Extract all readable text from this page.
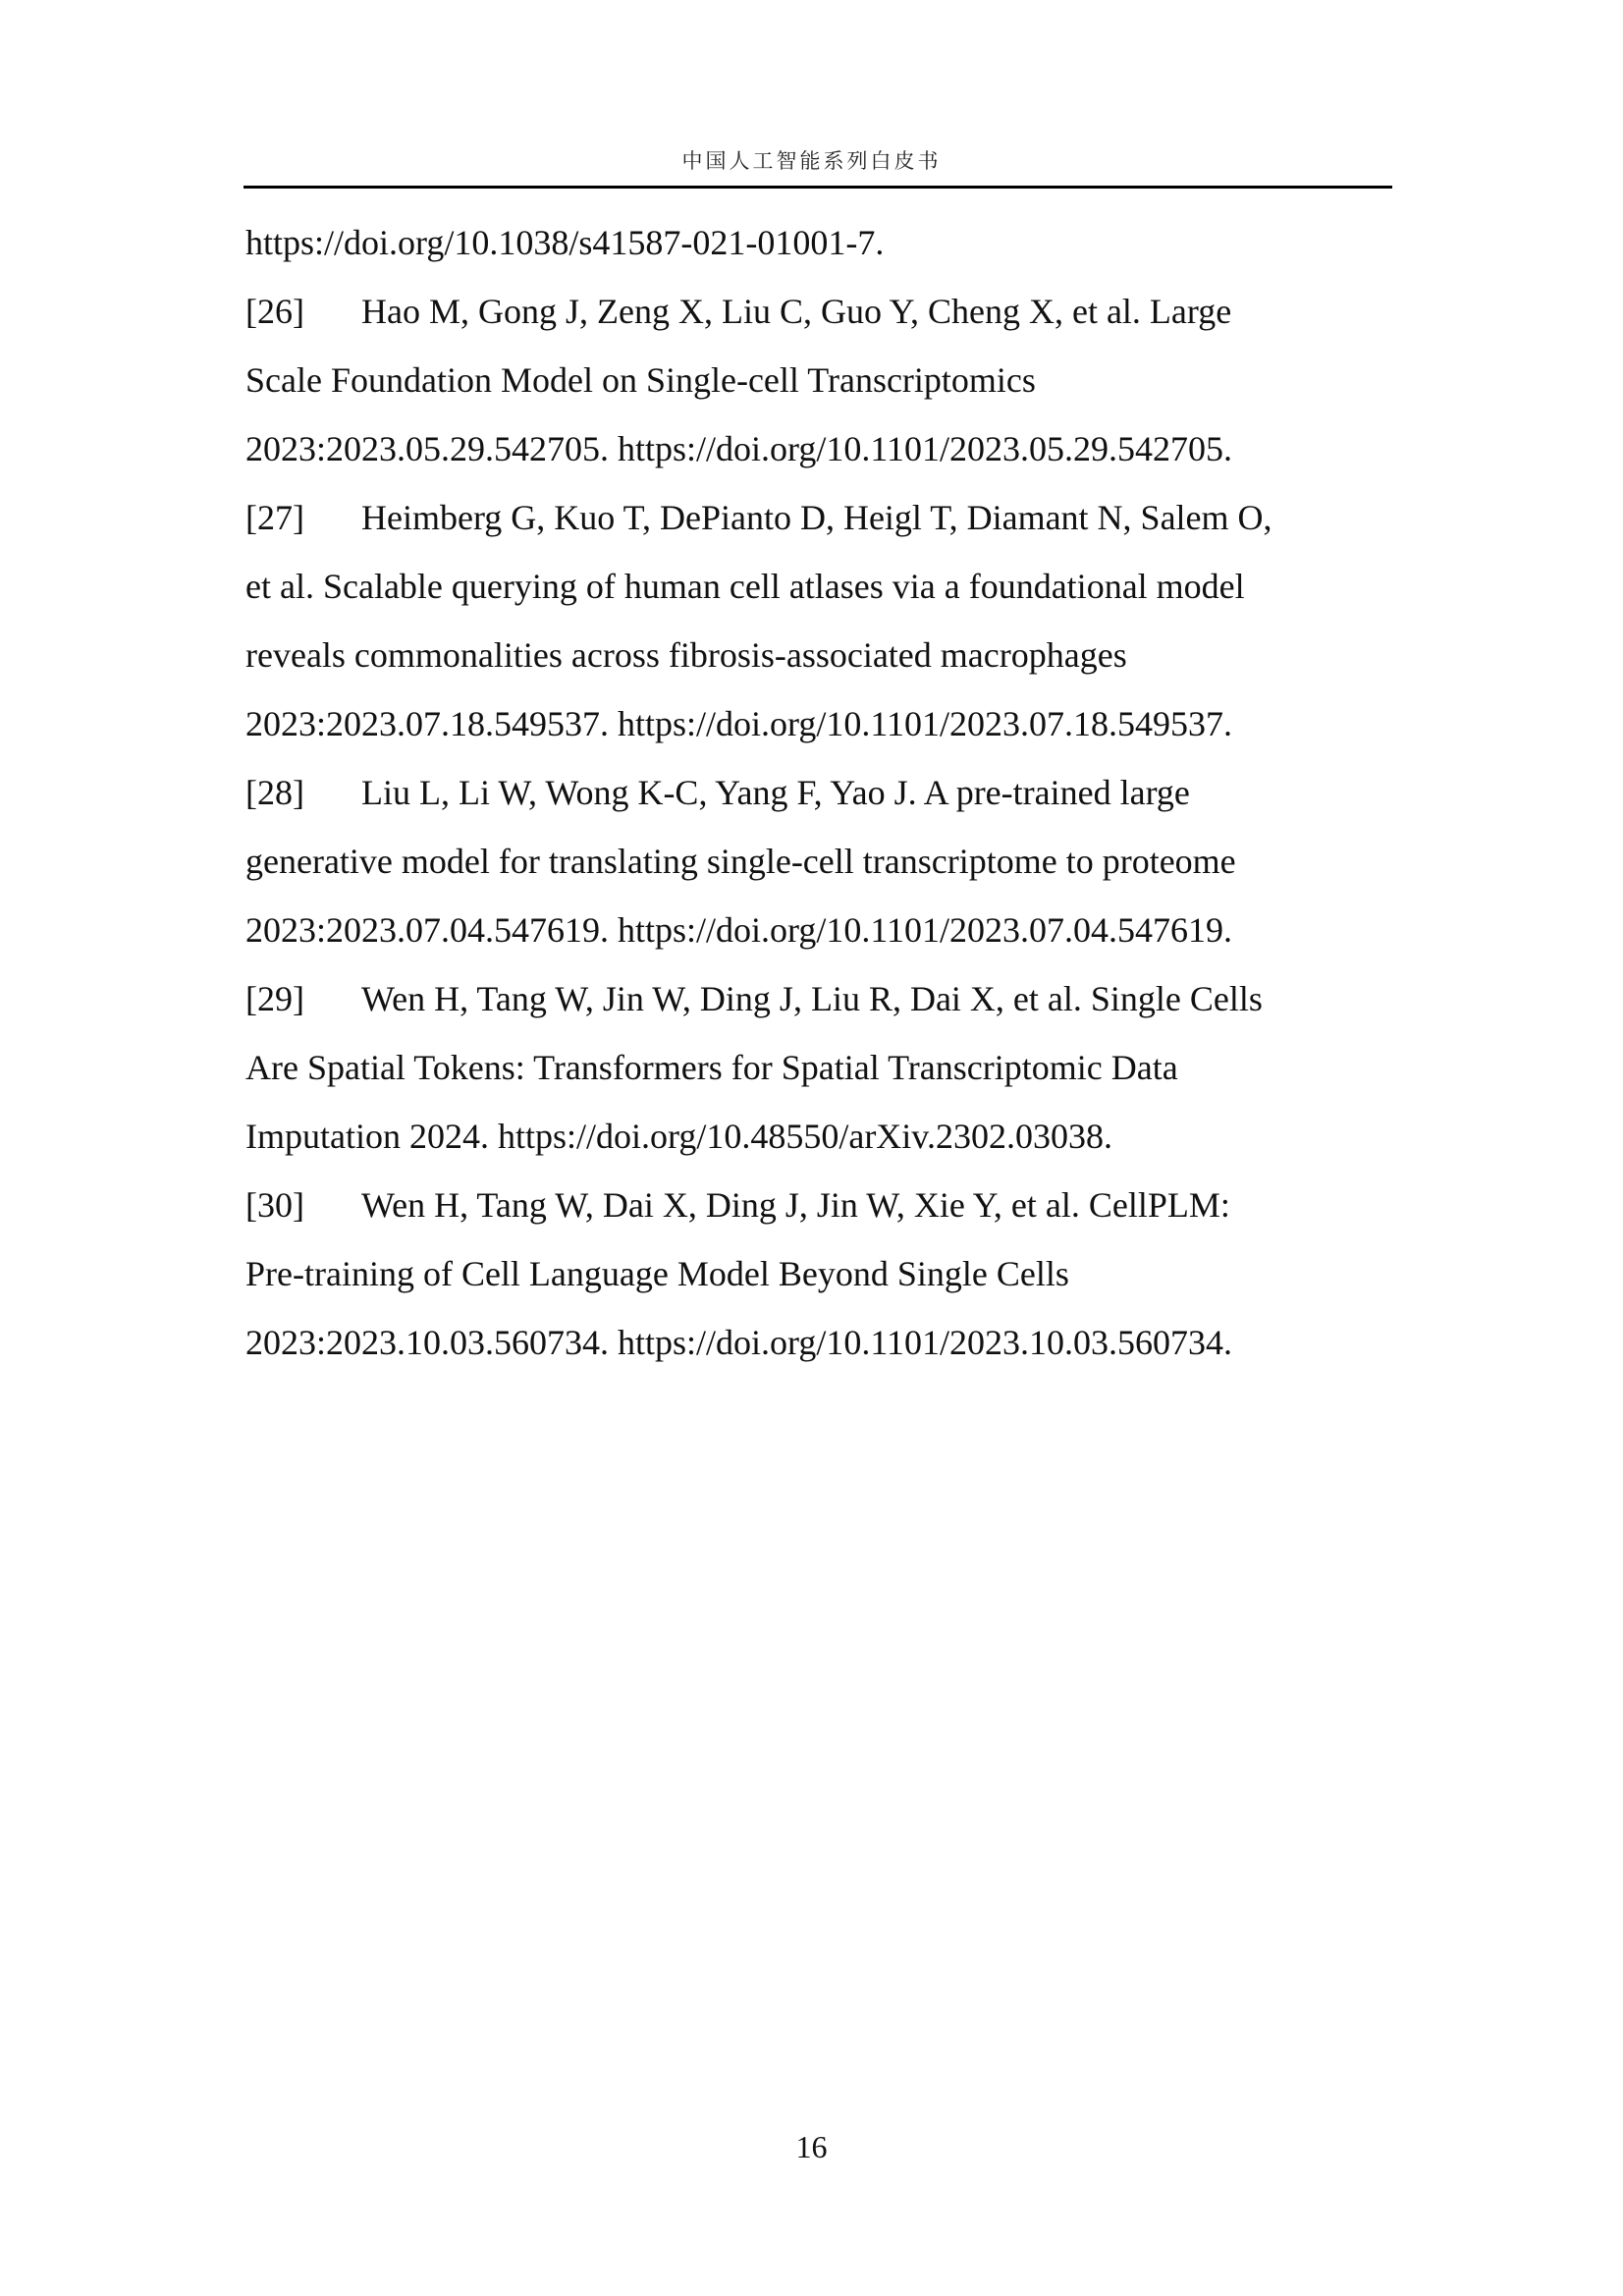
中国人工智能系列白皮书
https://doi.org/10.1038/s41587-021-01001-7.
[26] Hao M, Gong J, Zeng X, Liu C, Guo Y, Cheng X, et al. Large
Scale Foundation Model on Single-cell Transcriptomics
2023:2023.05.29.542705. https://doi.org/10.1101/2023.05.29.542705.
[27] Heimberg G, Kuo T, DePianto D, Heigl T, Diamant N, Salem O,
et al. Scalable querying of human cell atlases via a foundational model
reveals commonalities across fibrosis-associated macrophages
2023:2023.07.18.549537. https://doi.org/10.1101/2023.07.18.549537.
[28] Liu L, Li W, Wong K-C, Yang F, Yao J. A pre-trained large
generative model for translating single-cell transcriptome to proteome
2023:2023.07.04.547619. https://doi.org/10.1101/2023.07.04.547619.
[29] Wen H, Tang W, Jin W, Ding J, Liu R, Dai X, et al. Single Cells
Are Spatial Tokens: Transformers for Spatial Transcriptomic Data
Imputation 2024. https://doi.org/10.48550/arXiv.2302.03038.
[30] Wen H, Tang W, Dai X, Ding J, Jin W, Xie Y, et al. CellPLM:
Pre-training of Cell Language Model Beyond Single Cells
2023:2023.10.03.560734. https://doi.org/10.1101/2023.10.03.560734.
16
